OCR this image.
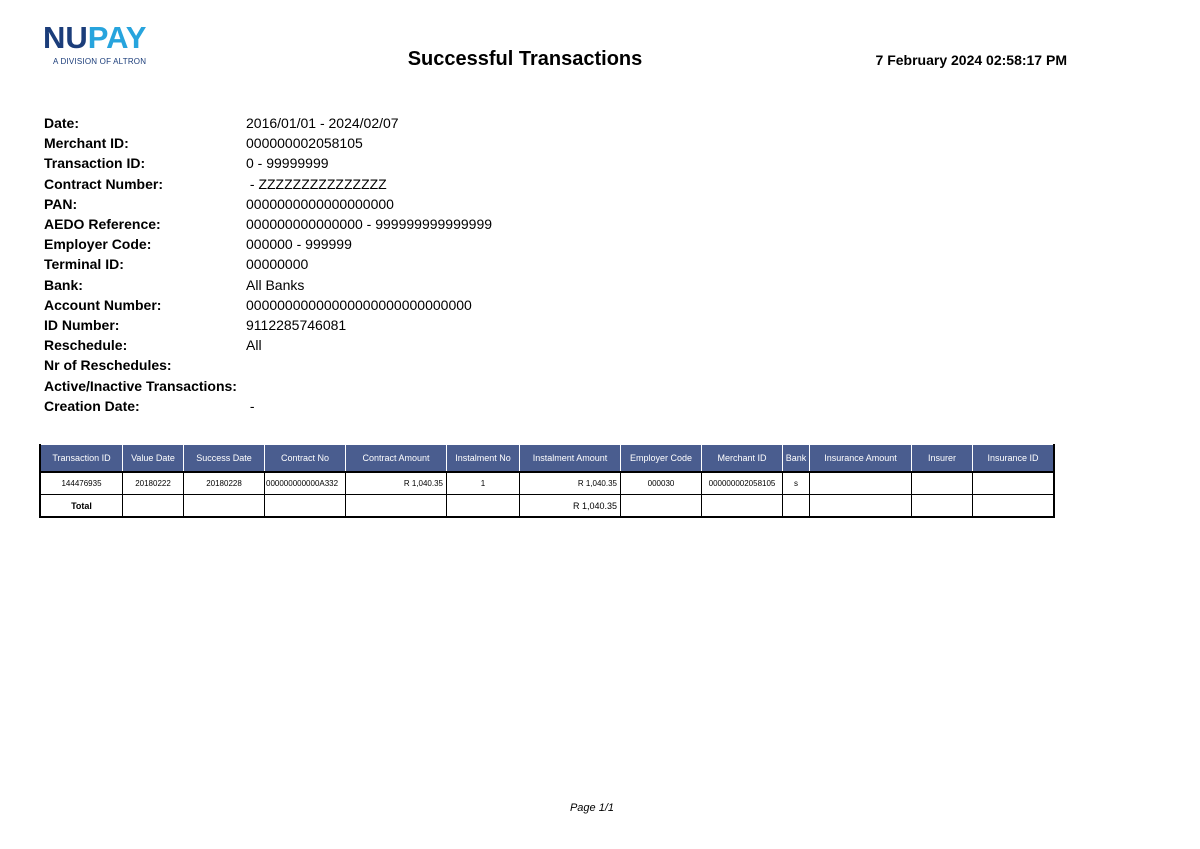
NUPAY
A DIVISION OF ALTRON	Successful Transactions	7 February 2024 02:58:17 PM
Date:	2016/01/01 - 2024/02/07
Merchant ID:	000000002058105
Transaction ID:	0 - 99999999
Contract Number:	- ZZZZZZZZZZZZZZZ
PAN:	0000000000000000000
AEDO Reference:	000000000000000 - 999999999999999
Employer Code:	000000 - 999999
Terminal ID:	00000000
Bank:	All Banks
Account Number:	00000000000000000000000000000
ID Number:	9112285746081
Reschedule:	All
Nr of Reschedules:
Active/Inactive Transactions:
Creation Date:	-
Transaction ID	Value Date	Success Date	Contract No	Contract Amount	Instalment No	Instalment Amount	Employer Code	Merchant ID	Bank	Insurance Amount	Insurer	Insurance ID
144476935	20180222	20180228	000000000000A332	R 1,040.35	1	R 1,040.35	000030	000000002058105	s			
Total						R 1,040.35						
Page 1/1
